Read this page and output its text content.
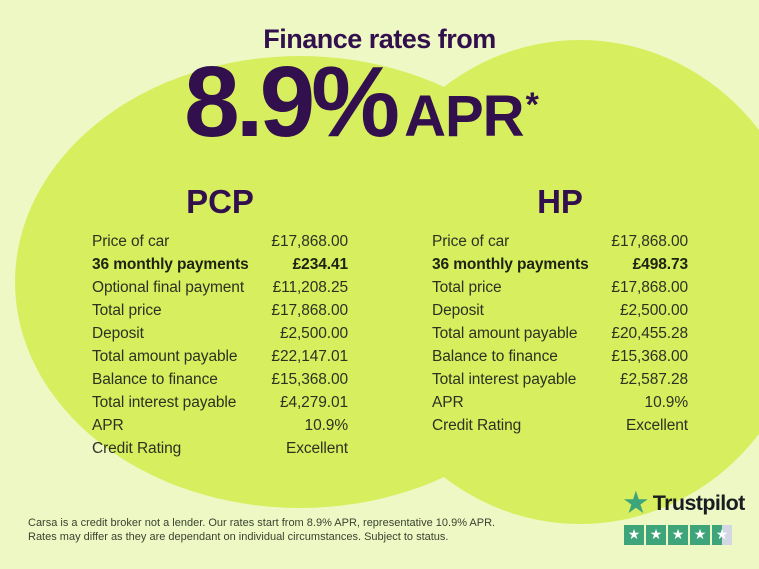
Finance rates from
8.9% APR *
PCP
Price of car	£17,868.00
36 monthly payments	£234.41
Optional final payment £11,208.25
Total price	£17,868.00
Deposit	£2,500.00
Total amount payable £22,147.01
Balance to finance	£15,368.00
Total interest payable	£4,279.01
APR	10.9%
Credit Rating	Excellent
HP
Price of car	£17,868.00
36 monthly payments	£498.73
Total price	£17,868.00
Deposit	£2,500.00
Total amount payable £20,455.28
Balance to finance	£15,368.00
Total interest payable	£2,587.28
APR	10.9%
Credit Rating	Excellent
Carsa is a credit broker not a lender. Our rates start from 8.9% APR, representative 10.9% APR.
Rates may differ as they are dependant on individual circumstances. Subject to status.
★ Trustpilot
★ ★ ★ ★ ★
